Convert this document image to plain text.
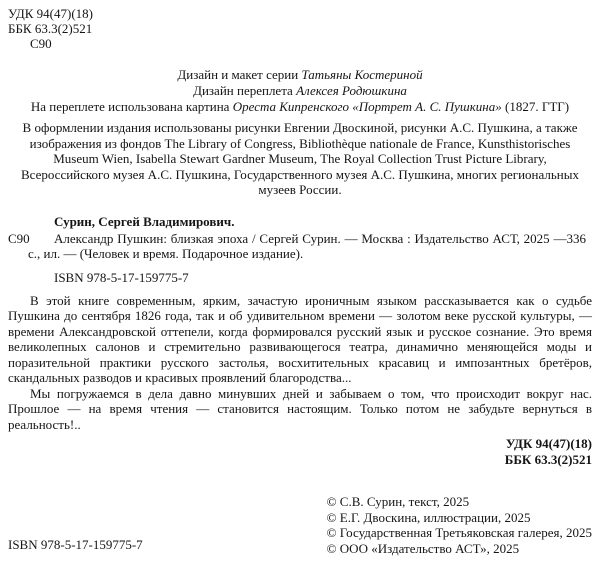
УДК 94(47)(18)
ББК 63.3(2)521
С90
Дизайн и макет серии Татьяны Костериной
Дизайн переплета Алексея Родюшкина
На переплете использована картина Ореста Кипренского «Портрет А. С. Пушкина» (1827. ГТГ)
В оформлении издания использованы рисунки Евгении Двоскиной, рисунки А.С. Пушкина, а также изображения из фондов The Library of Congress, Bibliothèque nationale de France, Kunsthistorisches Museum Wien, Isabella Stewart Gardner Museum, The Royal Collection Trust Picture Library, Всероссийского музея А.С. Пушкина, Государственного музея А.С. Пушкина, многих региональных музеев России.
Сурин, Сергей Владимирович.
С90	Александр Пушкин: близкая эпоха / Сергей Сурин. — Москва : Издательство АСТ, 2025 —336 с., ил. — (Человек и время. Подарочное издание).
ISBN 978-5-17-159775-7

В этой книге современным, ярким, зачастую ироничным языком рассказывается как о судьбе Пушкина до сентября 1826 года, так и об удивительном времени — золотом веке русской культуры, — времени Александровской оттепели, когда формировался русский язык и русское сознание. Это время великолепных салонов и стремительно развивающегося театра, динамично меняющейся моды и поразительной практики русского застолья, восхитительных красавиц и импозантных бретёров, скандальных разводов и красивых проявлений благородства...

Мы погружаемся в дела давно минувших дней и забываем о том, что происходит вокруг нас. Прошлое — на время чтения — становится настоящим. Только потом не забудьте вернуться в реальность!..

УДК 94(47)(18)
ББК 63.3(2)521
ISBN 978-5-17-159775-7
© С.В. Сурин, текст, 2025
© Е.Г. Двоскина, иллюстрации, 2025
© Государственная Третьяковская галерея, 2025
© ООО «Издательство АСТ», 2025
